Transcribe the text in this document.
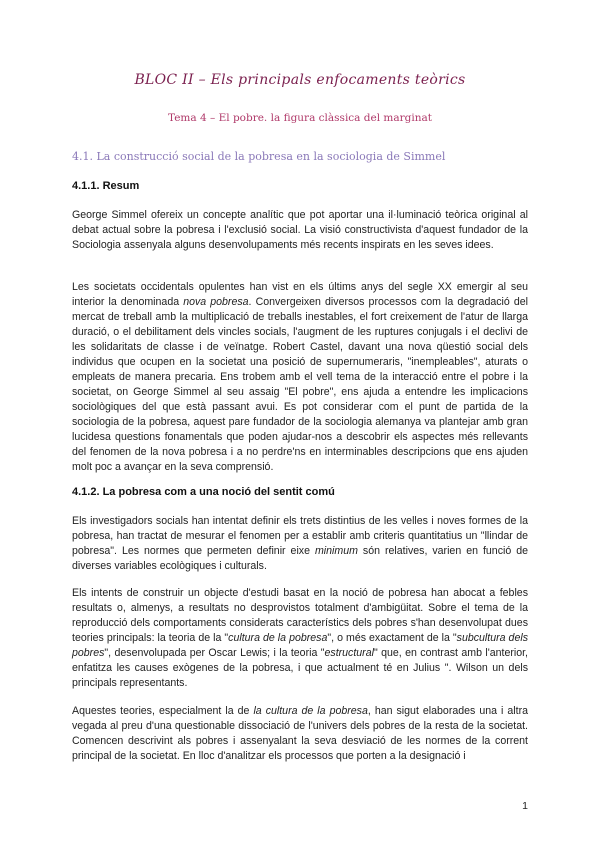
BLOC II – Els principals enfocaments teòrics
Tema 4 – El pobre. la figura clàssica del marginat
4.1. La construcció social de la pobresa en la sociologia de Simmel
4.1.1. Resum
George Simmel ofereix un concepte analític que pot aportar una il·luminació teòrica original al debat actual sobre la pobresa i l'exclusió social. La visió constructivista d'aquest fundador de la Sociologia assenyala alguns desenvolupaments més recents inspirats en les seves idees.
Les societats occidentals opulentes han vist en els últims anys del segle XX emergir al seu interior la denominada nova pobresa. Convergeixen diversos processos com la degradació del mercat de treball amb la multiplicació de treballs inestables, el fort creixement de l'atur de llarga duració, o el debilitament dels vincles socials, l'augment de les ruptures conjugals i el declivi de les solidaritats de classe i de veïnatge. Robert Castel, davant una nova qüestió social dels individus que ocupen en la societat una posició de supernumeraris, "inempleables", aturats o empleats de manera precaria. Ens trobem amb el vell tema de la interacció entre el pobre i la societat, on George Simmel al seu assaig "El pobre", ens ajuda a entendre les implicacions sociològiques del que està passant avui. Es pot considerar com el punt de partida de la sociologia de la pobresa, aquest pare fundador de la sociologia alemanya va plantejar amb gran lucidesa questions fonamentals que poden ajudar-nos a descobrir els aspectes més rellevants del fenomen de la nova pobresa i a no perdre'ns en interminables descripcions que ens ajuden molt poc a avançar en la seva comprensió.
4.1.2. La pobresa com a una noció del sentit comú
Els investigadors socials han intentat definir els trets distintius de les velles i noves formes de la pobresa, han tractat de mesurar el fenomen per a establir amb criteris quantitatius un "llindar de pobresa". Les normes que permeten definir eixe minimum són relatives, varien en funció de diverses variables ecològiques i culturals.
Els intents de construir un objecte d'estudi basat en la noció de pobresa han abocat a febles resultats o, almenys, a resultats no desprovistos totalment d'ambigüitat. Sobre el tema de la reproducció dels comportaments considerats característics dels pobres s'han desenvolupat dues teories principals: la teoria de la "cultura de la pobresa", o més exactament de la "subcultura dels pobres", desenvolupada per Oscar Lewis; i la teoria "estructural" que, en contrast amb l'anterior, enfatitza les causes exògenes de la pobresa, i que actualment té en Julius ". Wilson un dels principals representants.
Aquestes teories, especialment la de la cultura de la pobresa, han sigut elaborades una i altra vegada al preu d'una questionable dissociació de l'univers dels pobres de la resta de la societat. Comencen descrivint als pobres i assenyalant la seva desviació de les normes de la corrent principal de la societat. En lloc d'analitzar els processos que porten a la designació i
1
